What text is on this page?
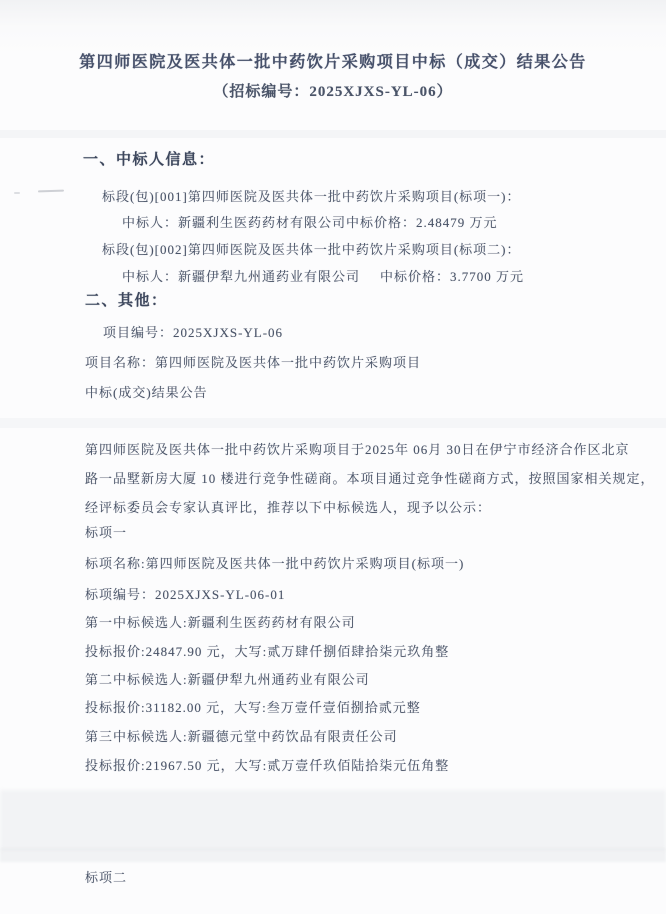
第四师医院及医共体一批中药饮片采购项目中标（成交）结果公告
（招标编号：2025XJXS-YL-06）
一、中标人信息：
标段(包)[001]第四师医院及医共体一批中药饮片采购项目(标项一)：
中标人：新疆利生医药药材有限公司 中标价格：2.48479 万元
标段(包)[002]第四师医院及医共体一批中药饮片采购项目(标项二)：
中标人：新疆伊犁九州通药业有限公司 中标价格：3.7700 万元
二、其他：
项目编号：2025XJXS-YL-06
项目名称：第四师医院及医共体一批中药饮片采购项目
中标(成交)结果公告
第四师医院及医共体一批中药饮片采购项目于2025年 06月 30日在伊宁市经济合作区北京
路一品墅新房大厦 10 楼进行竞争性磋商。本项目通过竞争性磋商方式，按照国家相关规定，
经评标委员会专家认真评比，推荐以下中标候选人，现予以公示：
标项一
标项名称:第四师医院及医共体一批中药饮片采购项目(标项一)
标项编号：2025XJXS-YL-06-01
第一中标候选人:新疆利生医药药材有限公司
投标报价:24847.90 元，大写:贰万肆仟捌佰肆拾柒元玖角整
第二中标候选人:新疆伊犁九州通药业有限公司
投标报价:31182.00 元，大写:叁万壹仟壹佰捌拾贰元整
第三中标候选人:新疆德元堂中药饮品有限责任公司
投标报价:21967.50 元，大写:贰万壹仟玖佰陆拾柒元伍角整
标项二
